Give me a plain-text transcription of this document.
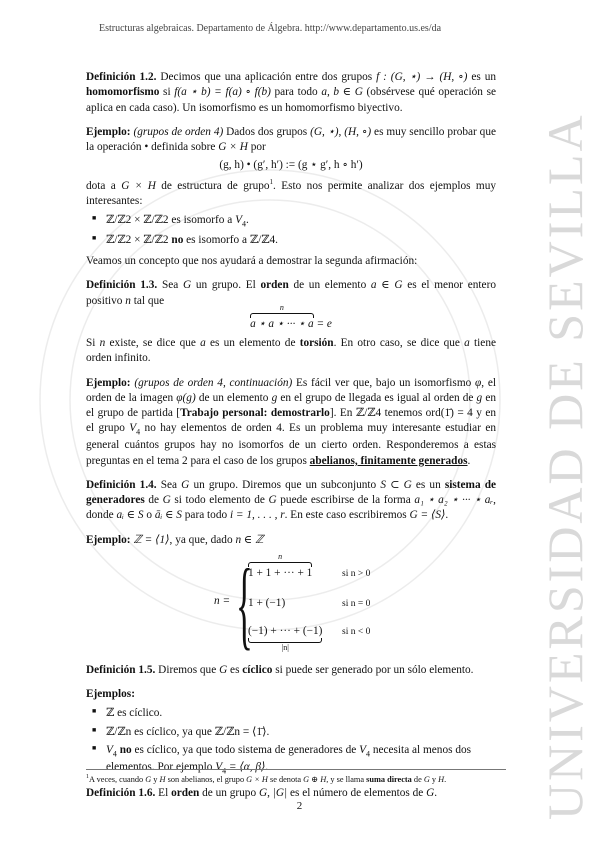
UNIVERSIDAD DE SEVILLA
Estructuras algebraicas. Departamento de Álgebra. http://www.departamento.us.es/da

Definición 1.2. Decimos que una aplicación entre dos grupos f : (G, ⋆) → (H, ∘) es un homomorfismo si f(a ⋆ b) = f(a) ∘ f(b) para todo a, b ∈ G (obsérvese qué operación se aplica en cada caso). Un isomorfismo es un homomorfismo biyectivo.

Ejemplo: (grupos de orden 4) Dados dos grupos (G, ⋆), (H, ∘) es muy sencillo probar que la operación • definida sobre G × H por

(g, h) • (g′, h′) := (g ⋆ g′, h ∘ h′)

dota a G × H de estructura de grupo$^1$. Esto nos permite analizar dos ejemplos muy interesantes:

■ ℤ/ℤ2 × ℤ/ℤ2 es isomorfo a $V_4$.
■ ℤ/ℤ2 × ℤ/ℤ2 no es isomorfo a ℤ/ℤ4.

Veamos un concepto que nos ayudará a demostrar la segunda afirmación:

Definición 1.3. Sea G un grupo. El orden de un elemento a ∈ G es el menor entero positivo n tal que

n
a ⋆ a ⋆ ··· ⋆ a = e

Si n existe, se dice que a es un elemento de torsión. En otro caso, se dice que a tiene orden infinito.

Ejemplo: (grupos de orden 4, continuación) Es fácil ver que, bajo un isomorfismo φ, el orden de la imagen φ(g) de un elemento g en el grupo de llegada es igual al orden de g en el grupo de partida [Trabajo personal: demostrarlo]. En ℤ/ℤ4 tenemos ord(1̄) = 4 y en el grupo $V_4$ no hay elementos de orden 4. Es un problema muy interesante estudiar en general cuántos grupos hay no isomorfos de un cierto orden. Responderemos a estas preguntas en el tema 2 para el caso de los grupos abelianos, finitamente generados.

Definición 1.4. Sea G un grupo. Diremos que un subconjunto S ⊂ G es un sistema de generadores de G si todo elemento de G puede escribirse de la forma a₁ ⋆ a₂ ⋆ ··· ⋆ aᵣ, donde aᵢ ∈ S o āᵢ ∈ S para todo i = 1, . . . , r. En este caso escribiremos G = ⟨S⟩.

Ejemplo: ℤ = ⟨1⟩, ya que, dado n ∈ ℤ

n = {	n
1 + 1 + ··· + 1	si n > 0
1 + (−1)	si n = 0
|n|
(−1) + ··· + (−1) si n < 0

Definición 1.5. Diremos que G es cíclico si puede ser generado por un sólo elemento.

Ejemplos:

■ ℤ es cíclico.
■ ℤ/ℤn es cíclico, ya que ℤ/ℤn = ⟨1̄⟩.
■ $V_4$ no es cíclico, ya que todo sistema de generadores de $V_4$ necesita al menos dos elementos. Por ejemplo $V_4$ = ⟨α, β⟩.

Definición 1.6. El orden de un grupo G, |G| es el número de elementos de G.

$^1$A veces, cuando G y H son abelianos, el grupo G × H se denota G ⊕ H, y se llama suma directa de G y H.
2
